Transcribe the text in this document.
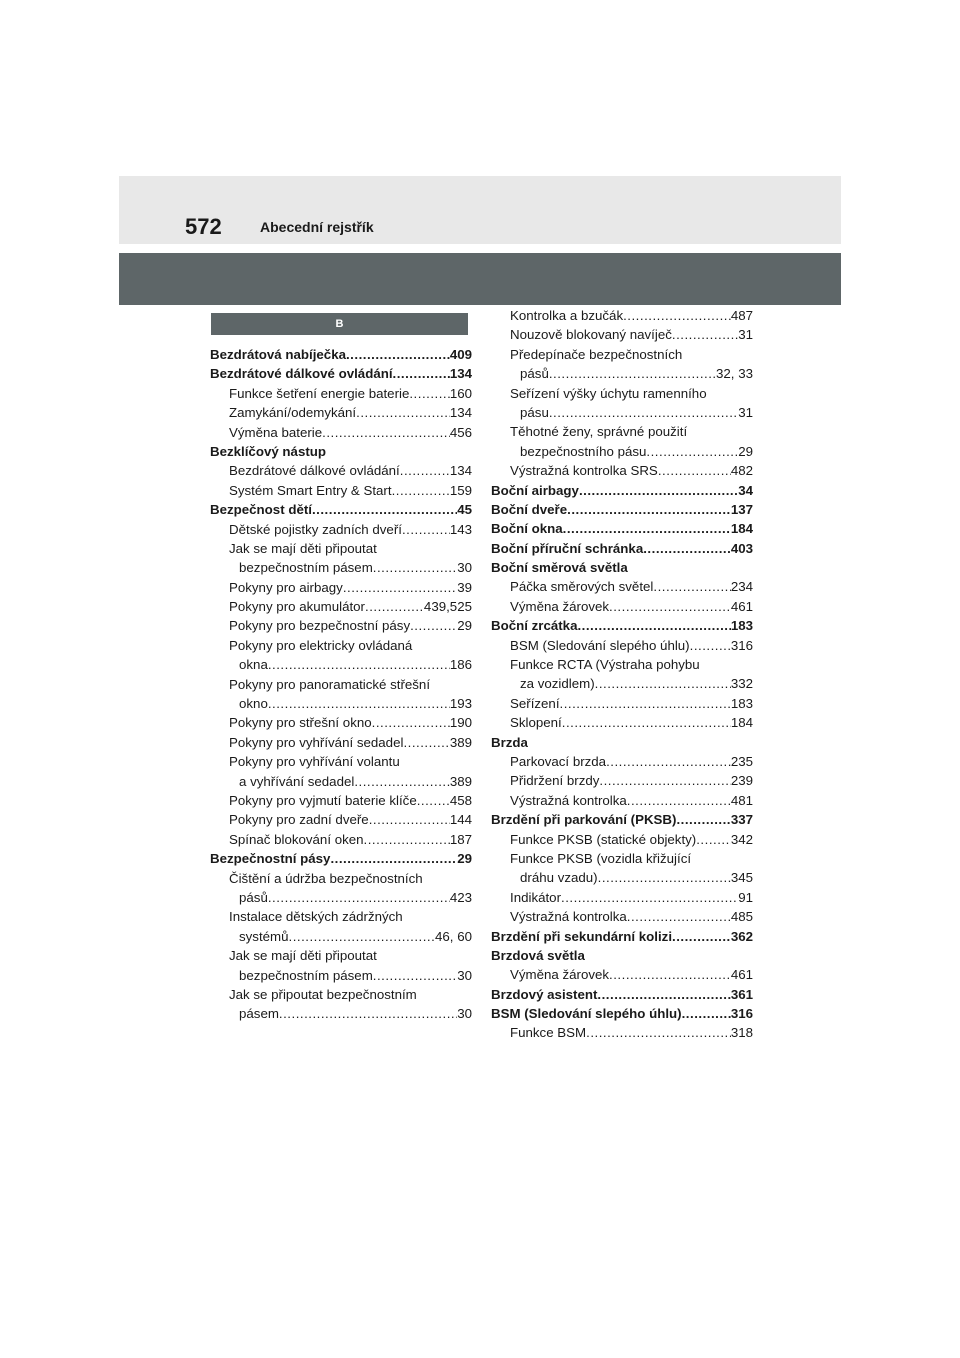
572	Abecední rejstřík
B
Bezdrátová nabíječka .....	409
Bezdrátové dálkové ovládání .....	134
Funkce šetření energie baterie .....	160
Zamykání/odemykání .....	134
Výměna baterie .....	456
Bezklíčový nástup
Bezdrátové dálkové ovládání .....	134
Systém Smart Entry & Start .....	159
Bezpečnost dětí .....	45
Dětské pojistky zadních dveří .....	143
Jak se mají děti připoutat
bezpečnostním pásem .....	30
Pokyny pro airbagy .....	39
Pokyny pro akumulátor .....	439,525
Pokyny pro bezpečnostní pásy .....	29
Pokyny pro elektricky ovládaná
okna .....	186
Pokyny pro panoramatické střešní
okno .....	193
Pokyny pro střešní okno .....	190
Pokyny pro vyhřívání sedadel .....	389
Pokyny pro vyhřívání volantu
a vyhřívání sedadel .....	389
Pokyny pro vyjmutí baterie klíče ..... 458
Pokyny pro zadní dveře .....	144
Spínač blokování oken .....	187
Bezpečnostní pásy .....	29
Čištění a údržba bezpečnostních
pásů .....	423
Instalace dětských zádržných
systémů .....	46, 60
Jak se mají děti připoutat
bezpečnostním pásem .....	30
Jak se připoutat bezpečnostním
pásem .....	30
Kontrolka a bzučák .....	487
Nouzově blokovaný navíječ .....	31
Předepínače bezpečnostních
pásů .....	32, 33
Seřízení výšky úchytu ramenního
pásu .....	31
Těhotné ženy, správné použití
bezpečnostního pásu .....	29
Výstražná kontrolka SRS .....	482
Boční airbagy .....	34
Boční dveře .....	137
Boční okna .....	184
Boční příruční schránka .....	403
Boční směrová světla
Páčka směrových světel .....	234
Výměna žárovek .....	461
Boční zrcátka .....	183
BSM (Sledování slepého úhlu) .....	316
Funkce RCTA (Výstraha pohybu
za vozidlem) .....	332
Seřízení .....	183
Sklopení .....	184
Brzda
Parkovací brzda .....	235
Přidržení brzdy .....	239
Výstražná kontrolka .....	481
Brzdění při parkování (PKSB) .....	337
Funkce PKSB (statické objekty) .....	342
Funkce PKSB (vozidla křižující
dráhu vzadu) .....	345
Indikátor .....	91
Výstražná kontrolka .....	485
Brzdění při sekundární kolizi .....	362
Brzdová světla
Výměna žárovek .....	461
Brzdový asistent .....	361
BSM (Sledování slepého úhlu) .....	316
Funkce BSM .....	318
